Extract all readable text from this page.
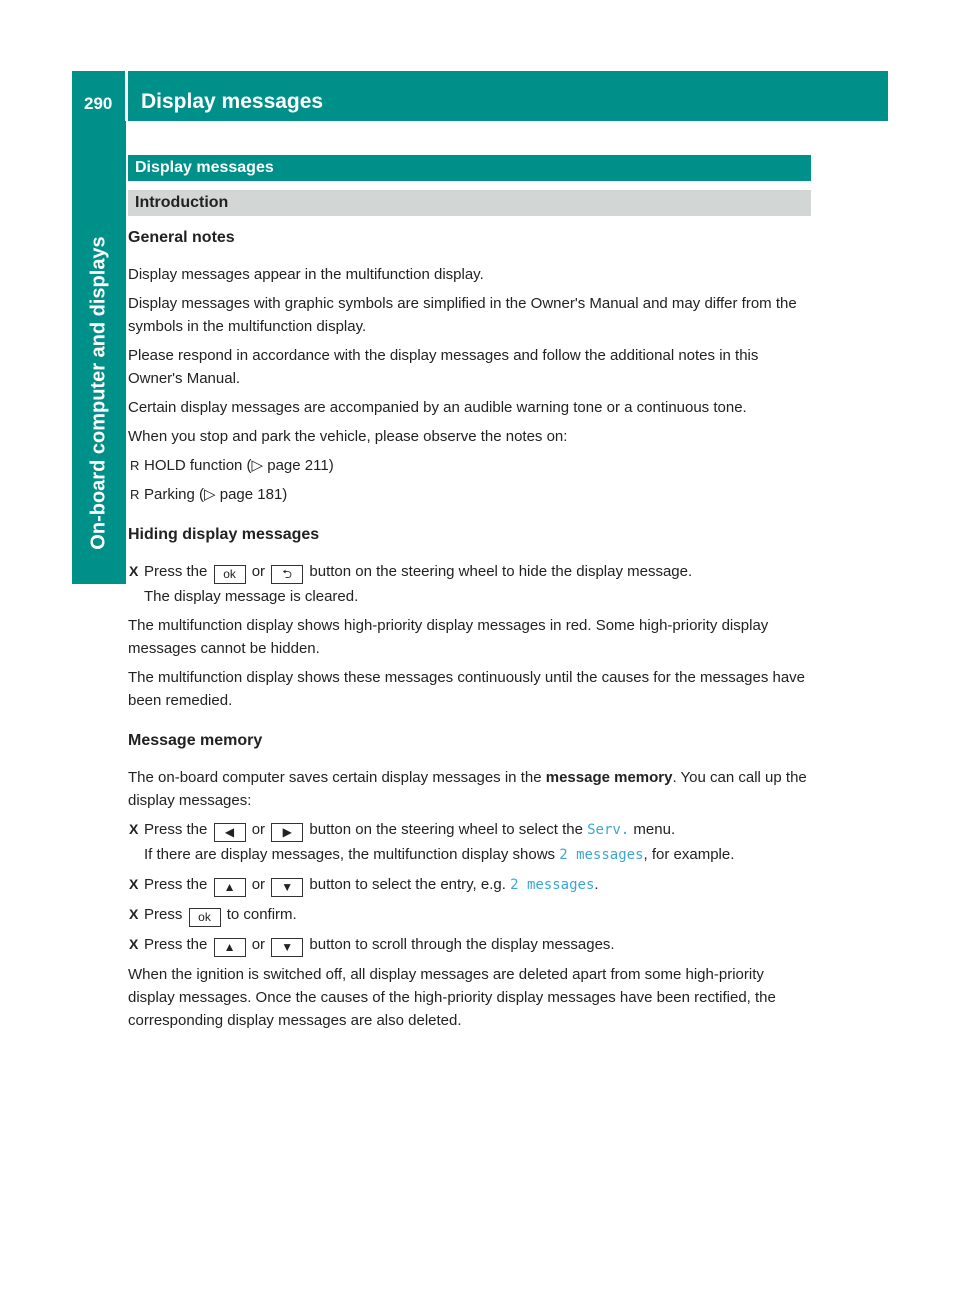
290 Display messages
On-board computer and displays
Display messages
Introduction
General notes

Display messages appear in the multifunction display.

Display messages with graphic symbols are simplified in the Owner's Manual and may differ from the symbols in the multifunction display.

Please respond in accordance with the display messages and follow the additional notes in this Owner's Manual.

Certain display messages are accompanied by an audible warning tone or a continuous tone.

When you stop and park the vehicle, please observe the notes on:

R HOLD function (▷ page 211)
R Parking (▷ page 181)
Hiding display messages
X Press the ok or ⮌ button on the steering wheel to hide the display message.
The display message is cleared.

The multifunction display shows high-priority display messages in red. Some high-priority display messages cannot be hidden.

The multifunction display shows these messages continuously until the causes for the messages have been remedied.

Message memory

The on-board computer saves certain display messages in the message memory. You can call up the display messages:

X Press the ◀ or ▶ button on the steering wheel to select the Serv. menu.
If there are display messages, the multifunction display shows 2 messages, for example.
X Press the ▲ or ▼ button to select the entry, e.g. 2 messages.
X Press ok to confirm.
X Press the ▲ or ▼ button to scroll through the display messages.

When the ignition is switched off, all display messages are deleted apart from some high-priority display messages. Once the causes of the high-priority display messages have been rectified, the corresponding display messages are also deleted.
